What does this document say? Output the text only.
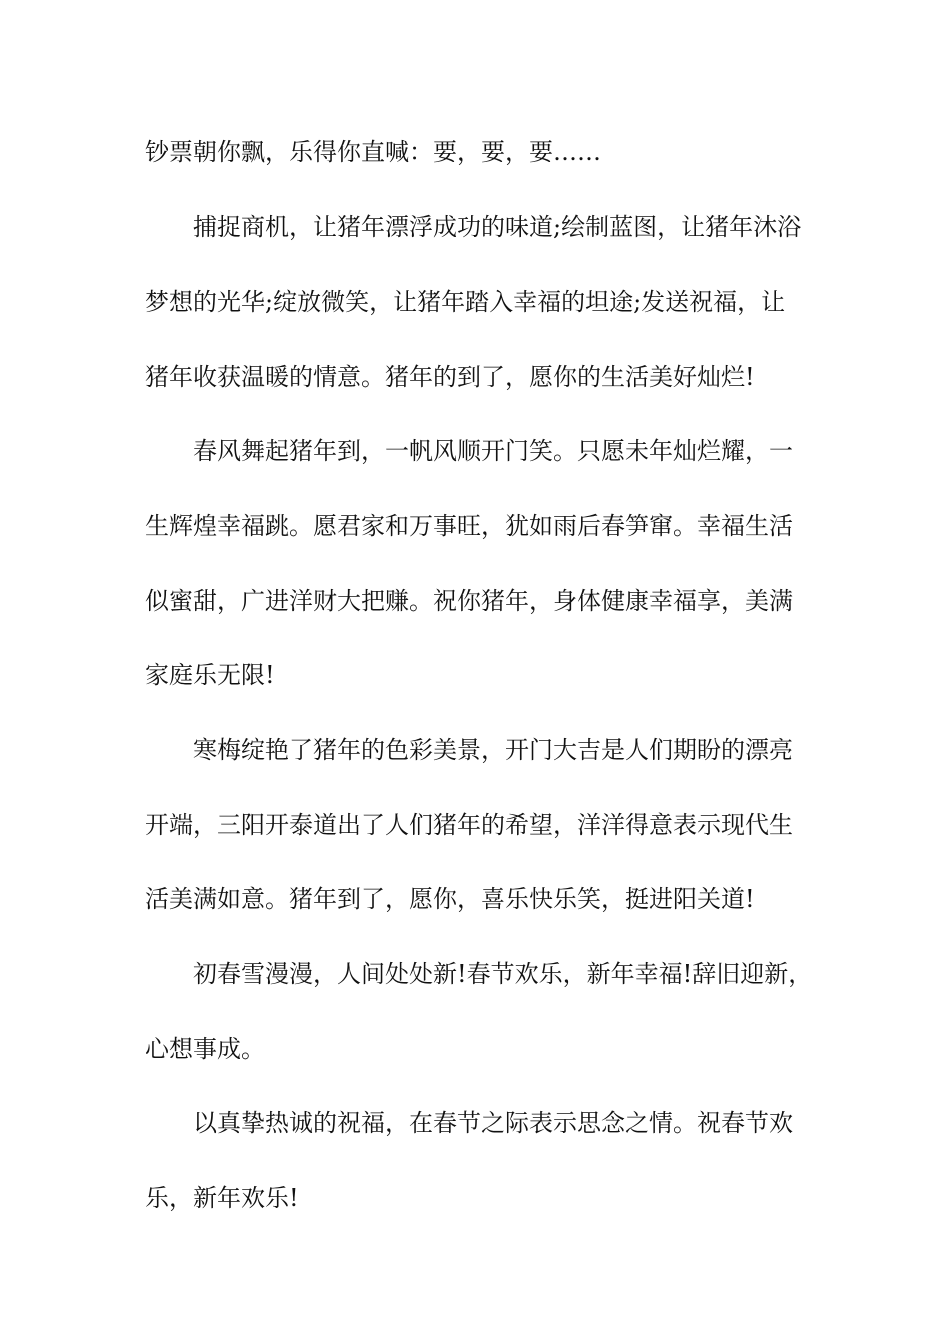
钞票朝你飘，乐得你直喊：要，要，要……
捕捉商机，让猪年漂浮成功的味道;绘制蓝图，让猪年沐浴
梦想的光华;绽放微笑，让猪年踏入幸福的坦途;发送祝福，让
猪年收获温暖的情意。猪年的到了，愿你的生活美好灿烂!
春风舞起猪年到，一帆风顺开门笑。只愿未年灿烂耀，一
生辉煌幸福跳。愿君家和万事旺，犹如雨后春笋窜。幸福生活
似蜜甜，广进洋财大把赚。祝你猪年，身体健康幸福享，美满
家庭乐无限!
寒梅绽艳了猪年的色彩美景，开门大吉是人们期盼的漂亮
开端，三阳开泰道出了人们猪年的希望，洋洋得意表示现代生
活美满如意。猪年到了，愿你，喜乐快乐笑，挺进阳关道!
初春雪漫漫，人间处处新!春节欢乐，新年幸福!辞旧迎新，
心想事成。
以真挚热诚的祝福，在春节之际表示思念之情。祝春节欢
乐，新年欢乐!
